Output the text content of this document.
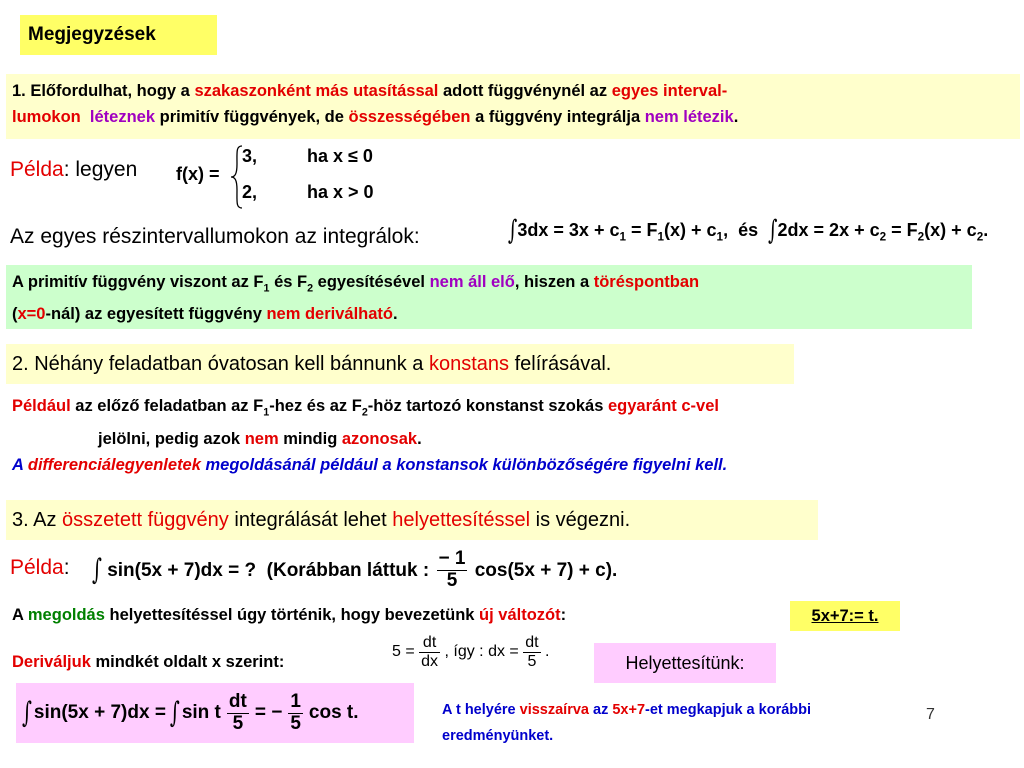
Megjegyzések
1. Előfordulhat, hogy a szakaszonként más utasítással adott függvénynél az egyes interval-
lumokon léteznek primitív függvények, de összességében a függvény integrálja nem létezik.
Példa: legyen f(x) =
3,	ha x ≤ 0
2,	ha x > 0
Az egyes részintervallumokon az integrálok:	$\int 3dx = 3x + c_1 = F_1(x) + c_1$, és $\int 2dx = 2x + c_2 = F_2(x) + c_2$.
A primitív függvény viszont az $F_1$ és $F_2$ egyesítésével nem áll elő, hiszen a töréspontban
(x=0-nál) az egyesített függvény nem deriválható.
2. Néhány feladatban óvatosan kell bánnunk a konstans felírásával.
Például az előző feladatban az $F_1$-hez és az $F_2$-höz tartozó konstanst szokás egyaránt c-vel
jelölni, pedig azok nem mindig azonosak.
A differenciálegyenletek megoldásánál például a konstansok különbözőségére figyelni kell.
3. Az összetett függvény integrálását lehet helyettesítéssel is végezni.
Példa: ∫ sin(5x + 7)dx = ? (Korábban láttuk : $\frac{- 1}{5} \cos(5x + 7) + c$).
A megoldás helyettesítéssel úgy történik, hogy bevezetünk új változót:	5x+7:= t.
Deriváljuk mindkét oldalt x szerint:
$5 = \frac{dt}{dx}$ , így : dx = $\frac{dt}{5}$ .
Helyettesítünk:
∫ sin(5x + 7)dx = ∫ sin t $\frac{dt}{5}$ = − $\frac{1}{5}$ cos t.	A t helyére visszaírva az 5x+7-et megkapjuk a korábbi
eredményünket.
7
